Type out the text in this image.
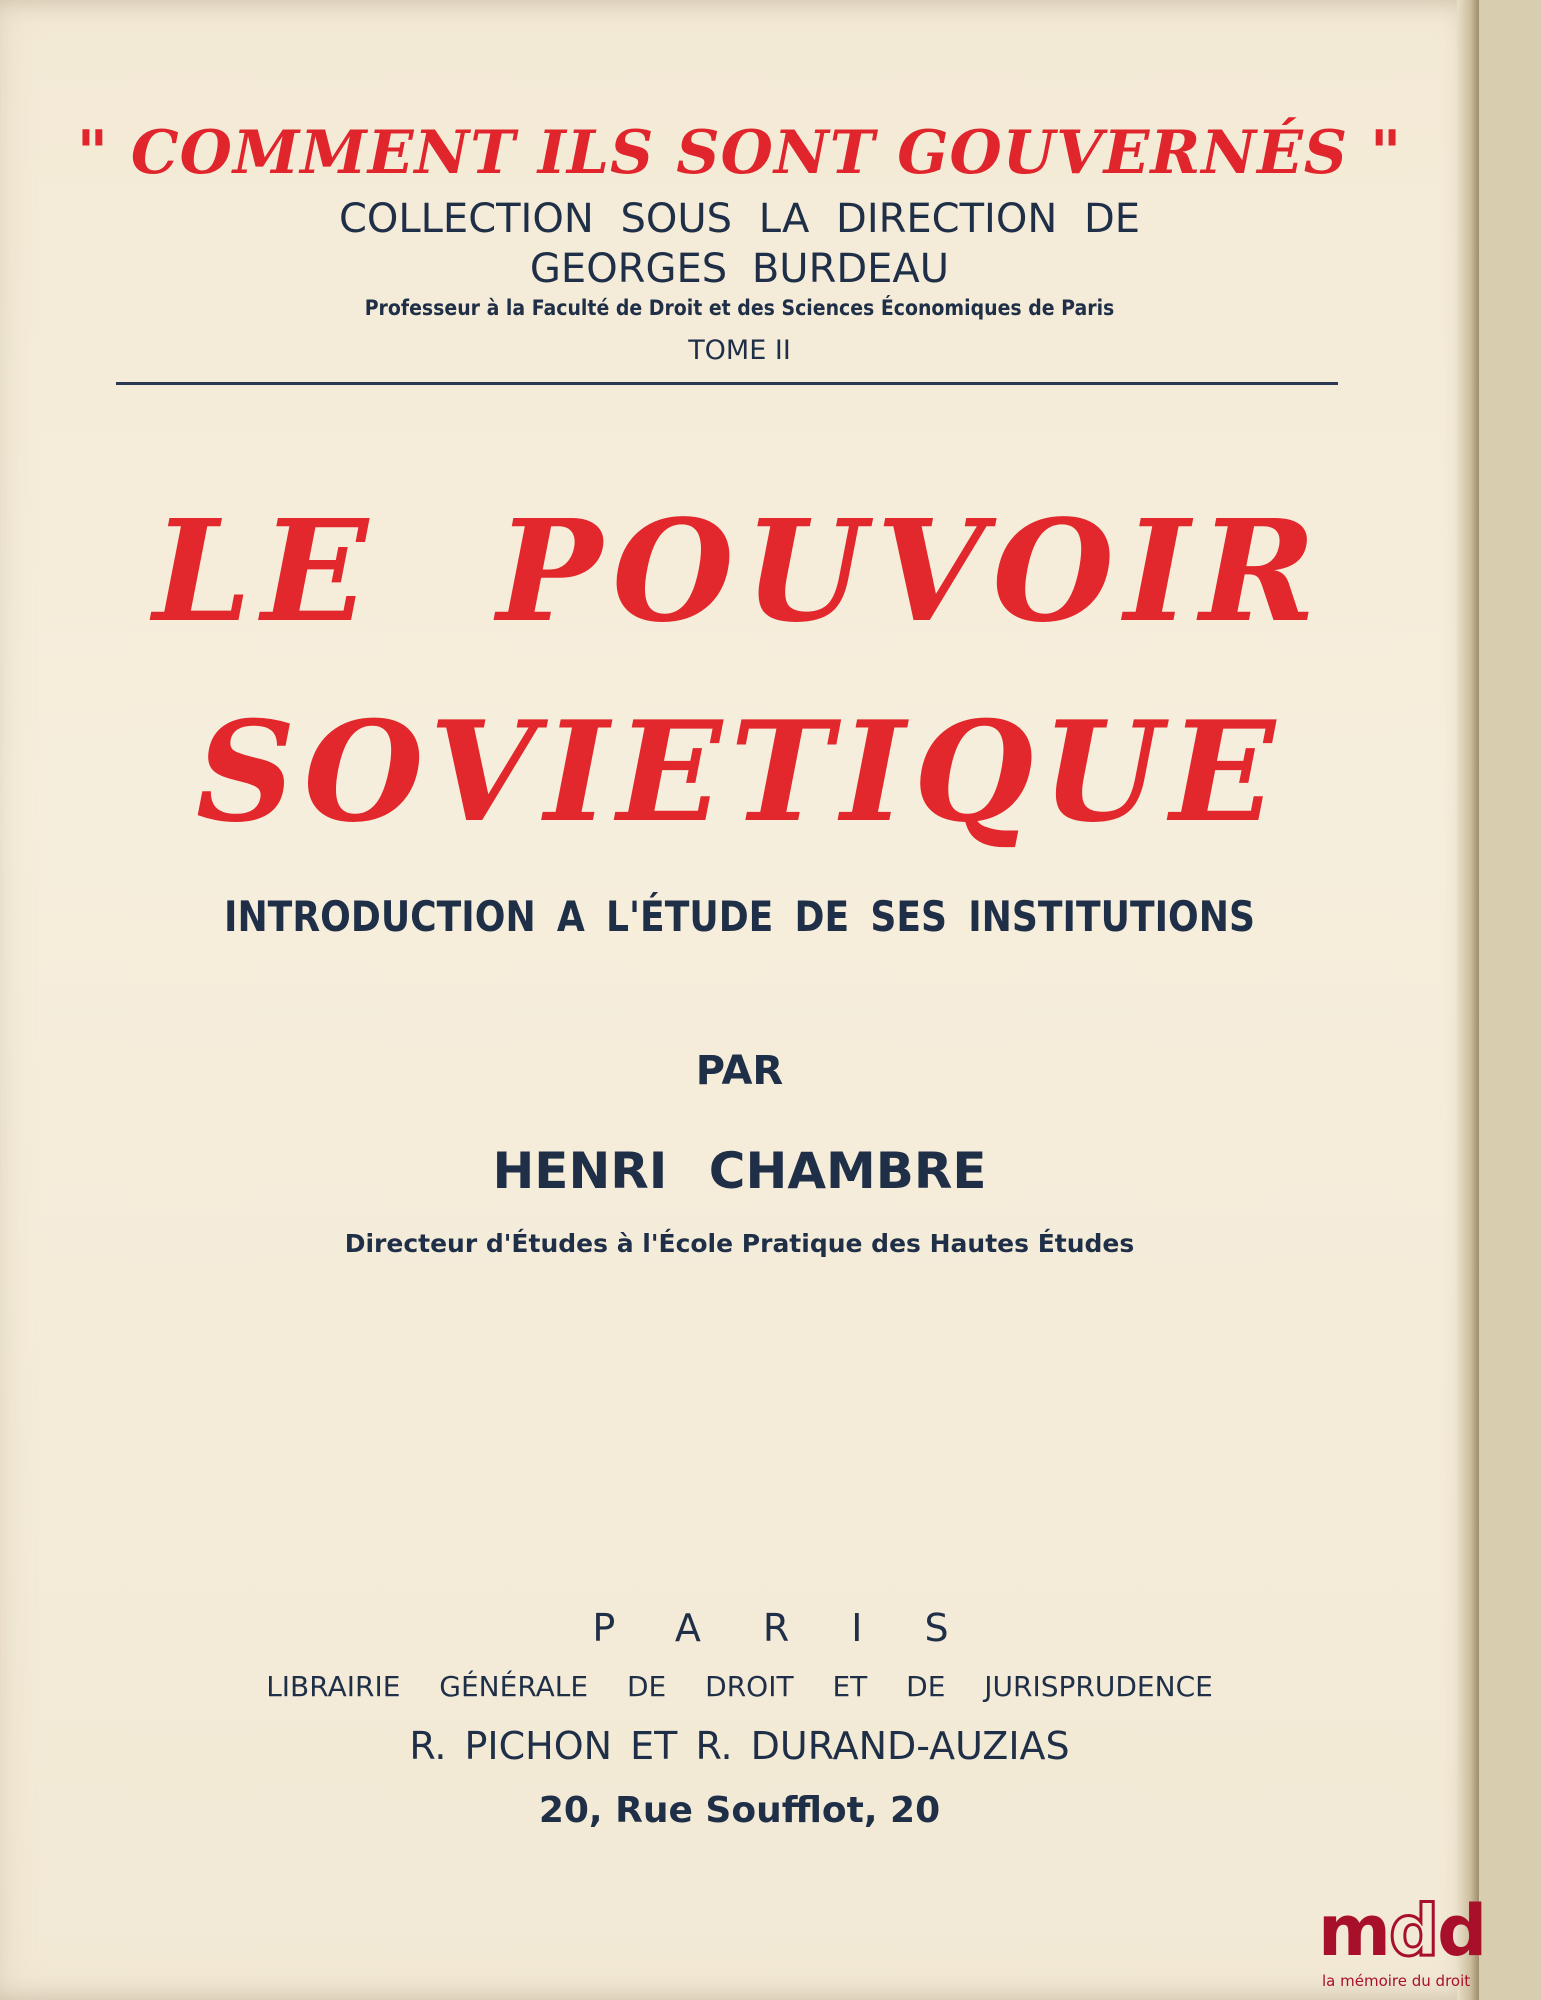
" COMMENT ILS SONT GOUVERNÉS "
COLLECTION SOUS LA DIRECTION DE
GEORGES BURDEAU
Professeur à la Faculté de Droit et des Sciences Économiques de Paris
TOME II
LE POUVOIR
SOVIETIQUE
INTRODUCTION A L'ÉTUDE DE SES INSTITUTIONS
PAR
HENRI CHAMBRE
Directeur d'Études à l'École Pratique des Hautes Études
PARIS
LIBRAIRIE GÉNÉRALE DE DROIT ET DE JURISPRUDENCE
R. PICHON ET R. DURAND-AUZIAS
20, Rue Soufflot, 20
mdd
la mémoire du droit
